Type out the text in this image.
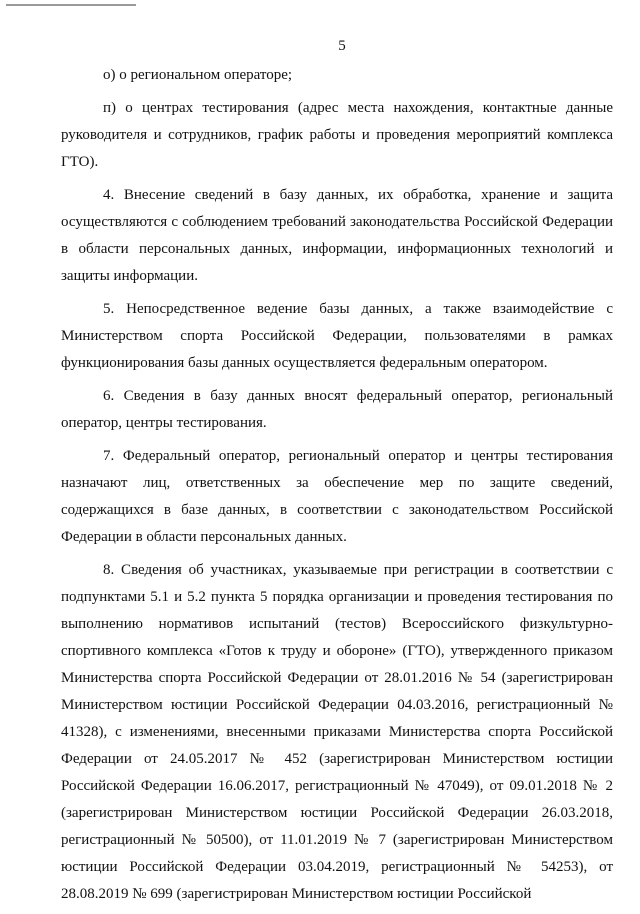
5

о) о региональном операторе;

п) о центрах тестирования (адрес места нахождения, контактные данные руководителя и сотрудников, график работы и проведения мероприятий комплекса ГТО).

4. Внесение сведений в базу данных, их обработка, хранение и защита осуществляются с соблюдением требований законодательства Российской Федерации в области персональных данных, информации, информационных технологий и защиты информации.

5. Непосредственное ведение базы данных, а также взаимодействие с Министерством спорта Российской Федерации, пользователями в рамках функционирования базы данных осуществляется федеральным оператором.

6. Сведения в базу данных вносят федеральный оператор, региональный оператор, центры тестирования.

7. Федеральный оператор, региональный оператор и центры тестирования назначают лиц, ответственных за обеспечение мер по защите сведений, содержащихся в базе данных, в соответствии с законодательством Российской Федерации в области персональных данных.

8. Сведения об участниках, указываемые при регистрации в соответствии с подпунктами 5.1 и 5.2 пункта 5 порядка организации и проведения тестирования по выполнению нормативов испытаний (тестов) Всероссийского физкультурно-спортивного комплекса «Готов к труду и обороне» (ГТО), утвержденного приказом Министерства спорта Российской Федерации от 28.01.2016 № 54 (зарегистрирован Министерством юстиции Российской Федерации 04.03.2016, регистрационный № 41328), с изменениями, внесенными приказами Министерства спорта Российской Федерации от 24.05.2017 № 452 (зарегистрирован Министерством юстиции Российской Федерации 16.06.2017, регистрационный № 47049), от 09.01.2018 № 2 (зарегистрирован Министерством юстиции Российской Федерации 26.03.2018, регистрационный № 50500), от 11.01.2019 № 7 (зарегистрирован Министерством юстиции Российской Федерации 03.04.2019, регистрационный № 54253), от 28.08.2019 № 699 (зарегистрирован Министерством юстиции Российской
